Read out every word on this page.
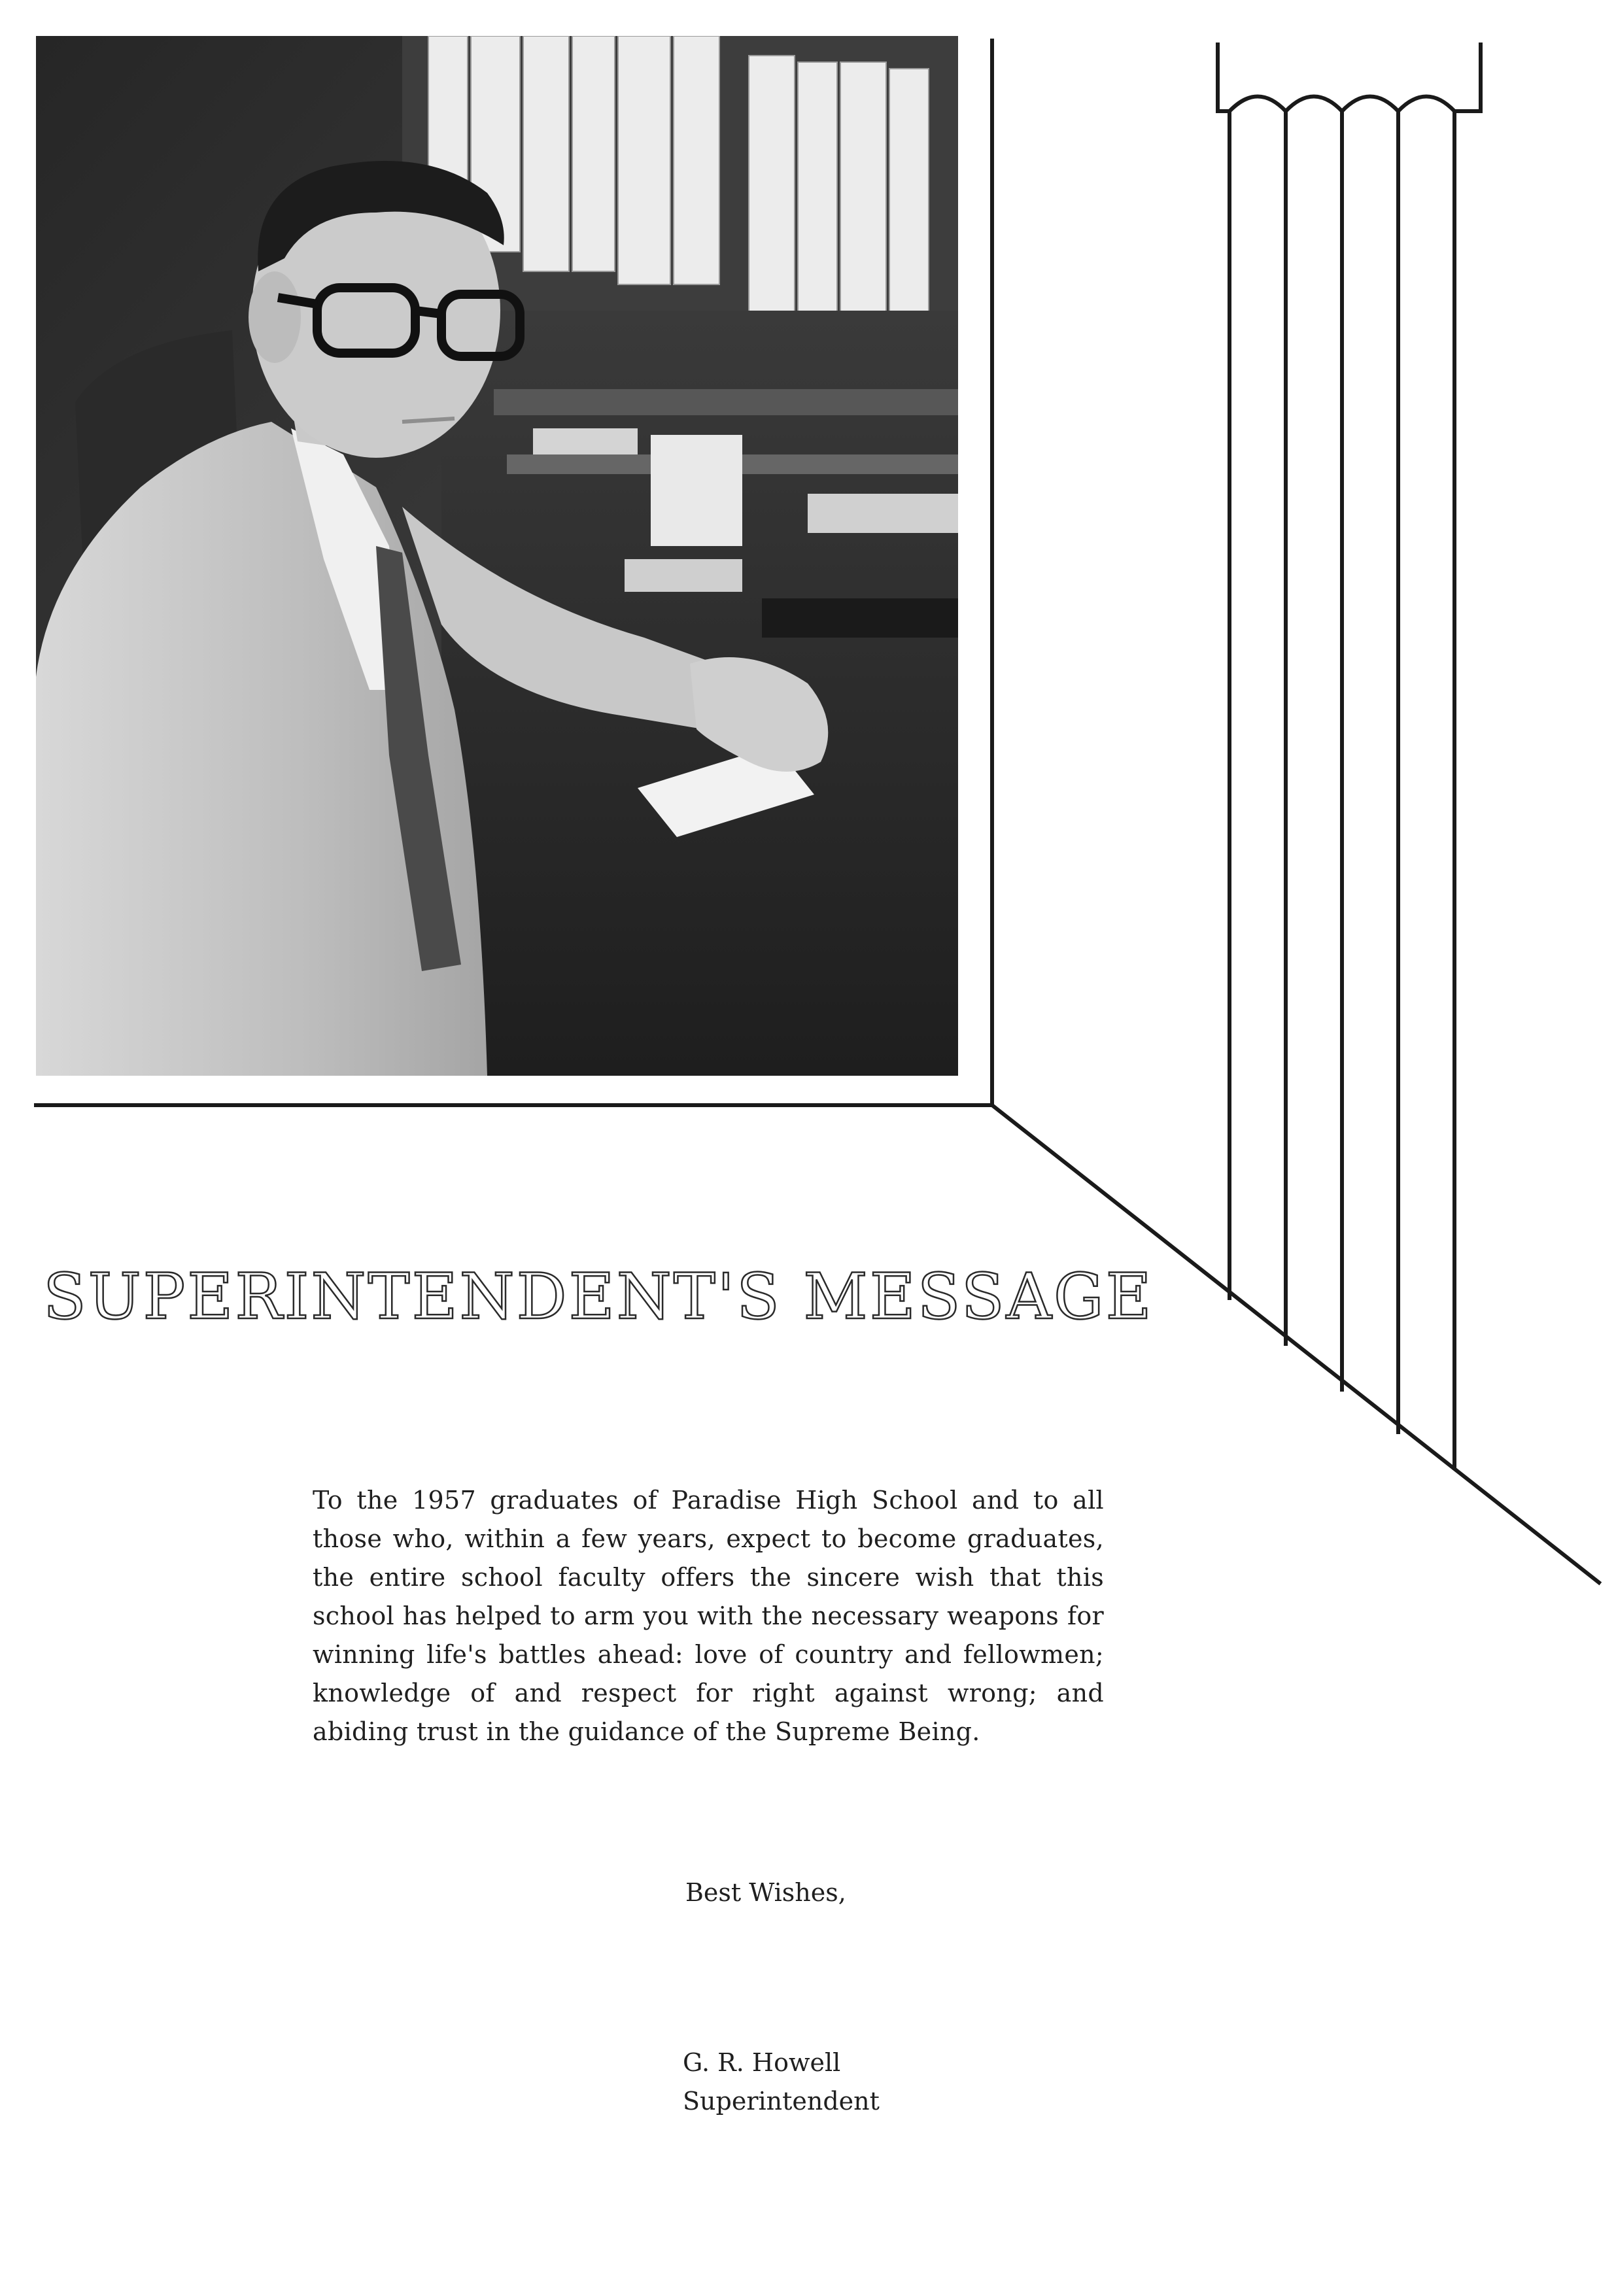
SUPERINTENDENT'S MESSAGE

To the 1957 graduates of Paradise High School and to all those who, within a few years, expect to become graduates, the entire school faculty offers the sincere wish that this school has helped to arm you with the necessary weapons for winning life's battles ahead: love of country and fellowmen; knowledge of and respect for right against wrong; and abiding trust in the guidance of the Supreme Being.

Best Wishes,

G. R. Howell
Superintendent
